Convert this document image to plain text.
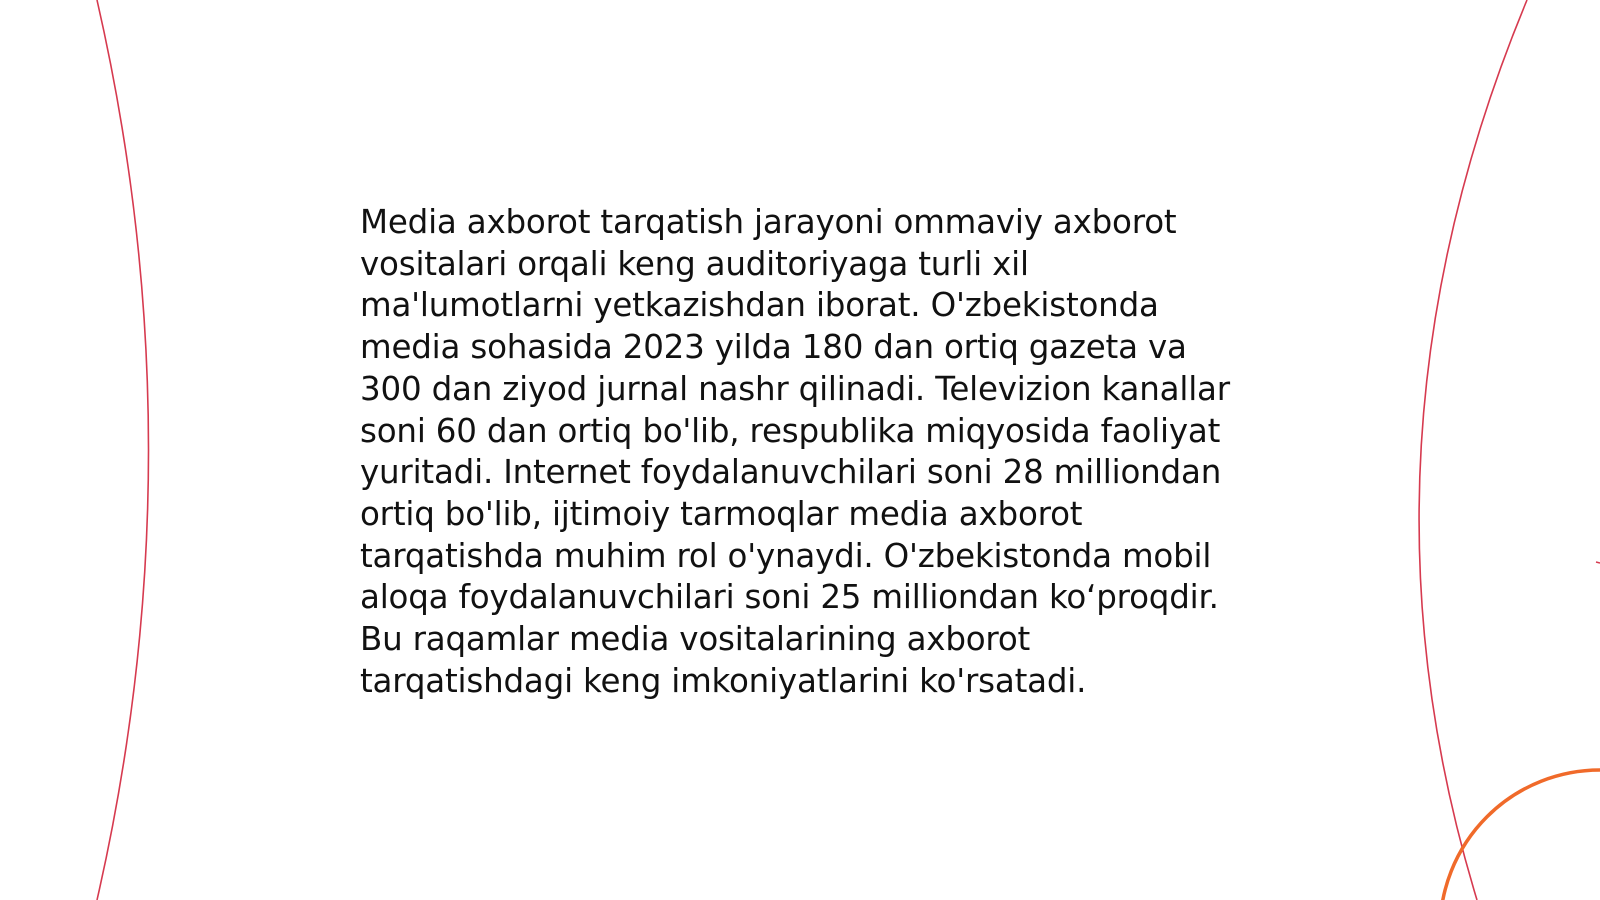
Media axborot tarqatish jarayoni ommaviy axborot
vositalari orqali keng auditoriyaga turli xil
ma'lumotlarni yetkazishdan iborat. O'zbekistonda
media sohasida 2023 yilda 180 dan ortiq gazeta va
300 dan ziyod jurnal nashr qilinadi. Televizion kanallar
soni 60 dan ortiq bo'lib, respublika miqyosida faoliyat
yuritadi. Internet foydalanuvchilari soni 28 milliondan
ortiq bo'lib, ijtimoiy tarmoqlar media axborot
tarqatishda muhim rol o'ynaydi. O'zbekistonda mobil
aloqa foydalanuvchilari soni 25 milliondan ko‘proqdir.
Bu raqamlar media vositalarining axborot
tarqatishdagi keng imkoniyatlarini ko'rsatadi.
